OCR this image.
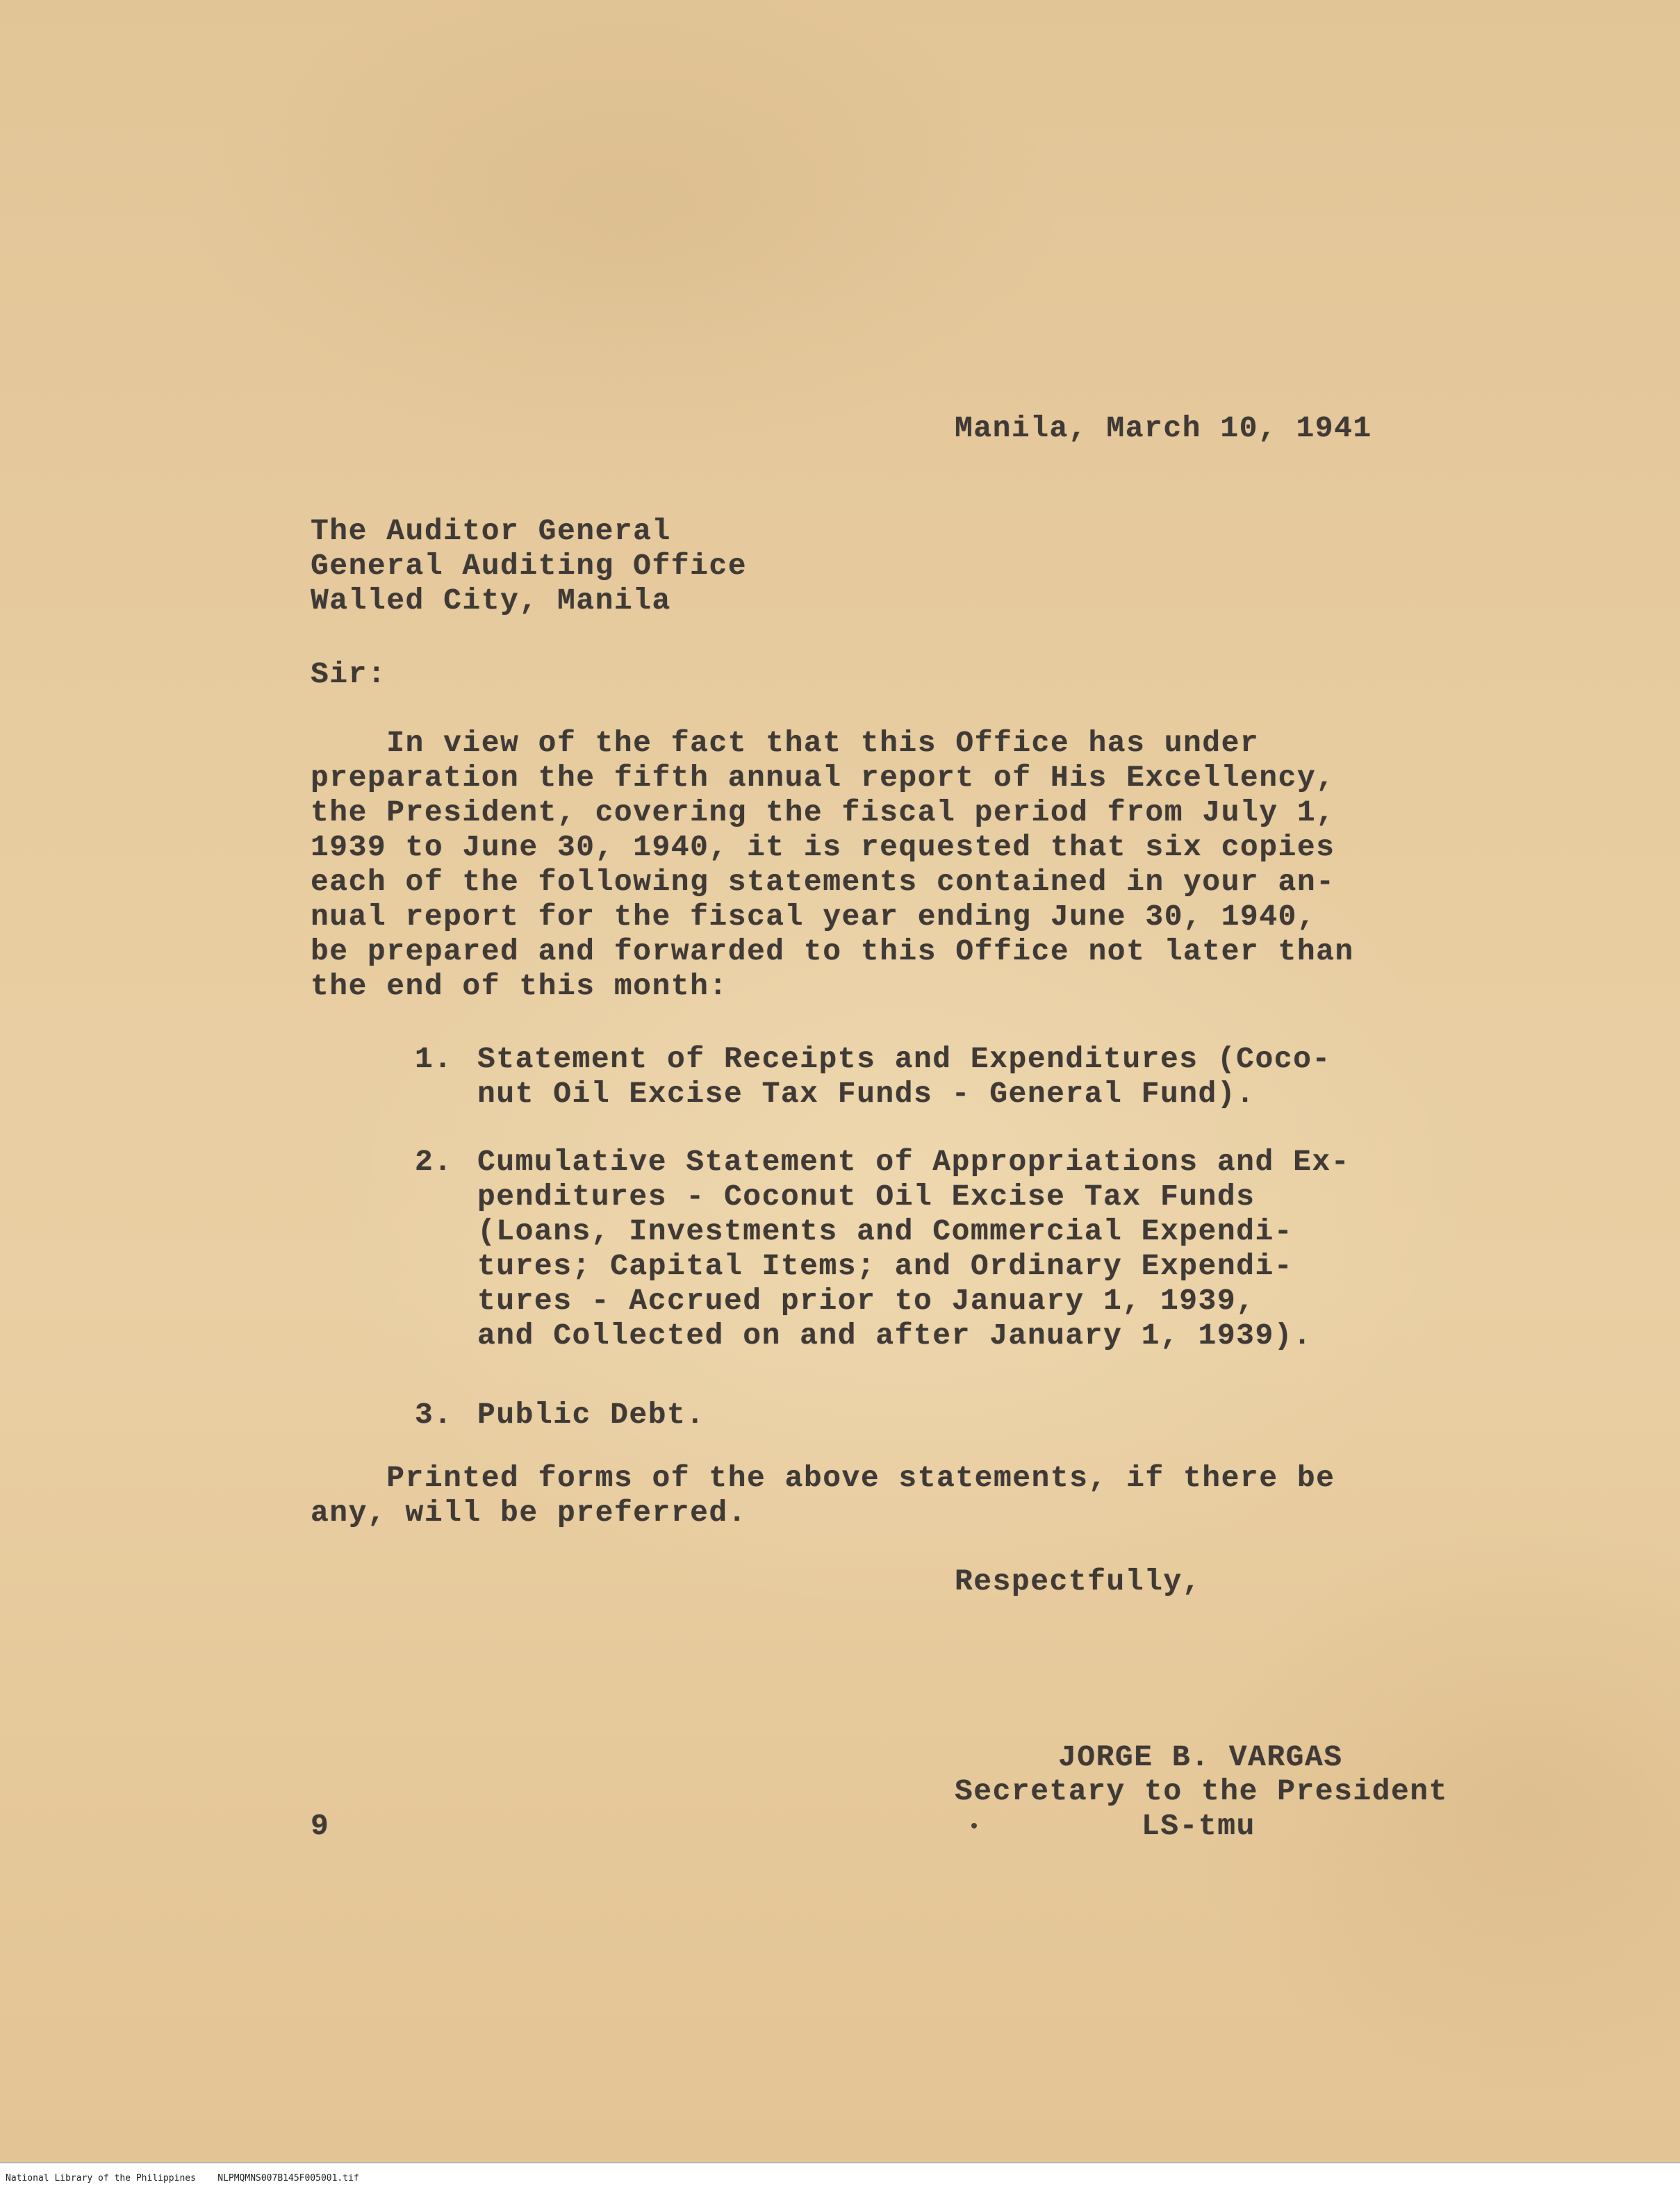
Manila, March 10, 1941
The Auditor General
General Auditing Office
Walled City, Manila
Sir:
In view of the fact that this Office has under
preparation the fifth annual report of His Excellency,
the President, covering the fiscal period from July 1,
1939 to June 30, 1940, it is requested that six copies
each of the following statements contained in your an-
nual report for the fiscal year ending June 30, 1940,
be prepared and forwarded to this Office not later than
the end of this month:
1. Statement of Receipts and Expenditures (Coco-
nut Oil Excise Tax Funds - General Fund).
2. Cumulative Statement of Appropriations and Ex-
penditures - Coconut Oil Excise Tax Funds
(Loans, Investments and Commercial Expendi-
tures; Capital Items; and Ordinary Expendi-
tures - Accrued prior to January 1, 1939,
and Collected on and after January 1, 1939).
3. Public Debt.
Printed forms of the above statements, if there be
any, will be preferred.
Respectfully,
JORGE B. VARGAS
Secretary to the President
LS-tmu
9
National Library of the Philippines    NLPMQMNS007B145F005001.tif
